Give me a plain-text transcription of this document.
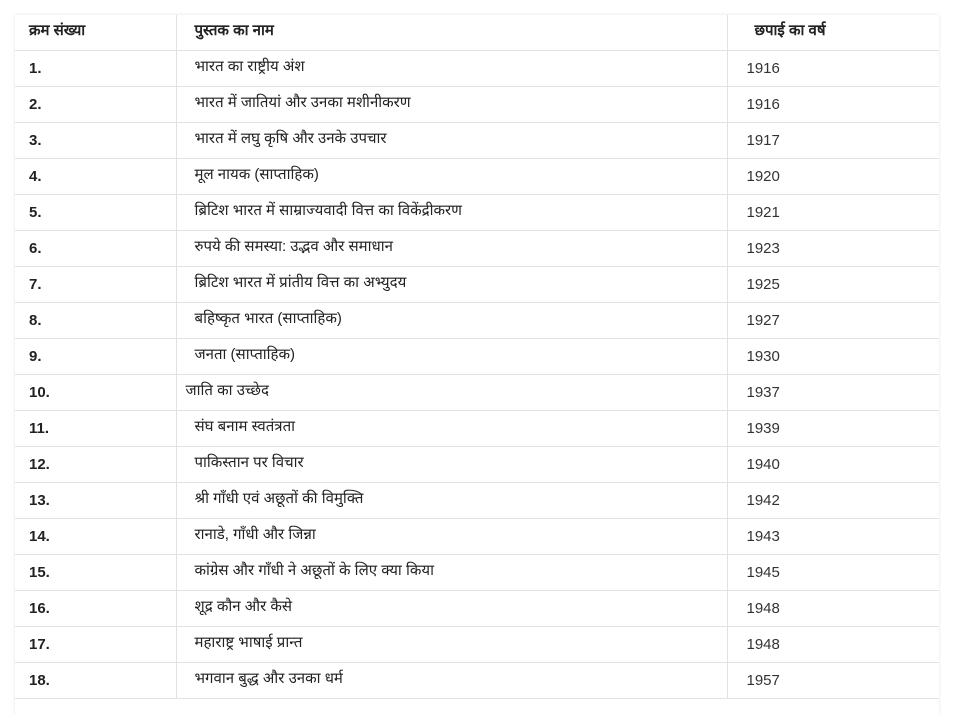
क्रम संख्या	पुस्तक का नाम	छपाई का वर्ष
1.	भारत का राष्ट्रीय अंश	1916
2.	भारत में जातियां और उनका मशीनीकरण	1916
3.	भारत में लघु कृषि और उनके उपचार	1917
4.	मूल नायक (साप्ताहिक)	1920
5.	ब्रिटिश भारत में साम्राज्यवादी वित्त का विकेंद्रीकरण	1921
6.	रुपये की समस्या: उद्भव और समाधान	1923
7.	ब्रिटिश भारत में प्रांतीय वित्त का अभ्युदय	1925
8.	बहिष्कृत भारत (साप्ताहिक)	1927
9.	जनता (साप्ताहिक)	1930
10.	जाति का उच्छेद	1937
11.	संघ बनाम स्वतंत्रता	1939
12.	पाकिस्तान पर विचार	1940
13.	श्री गाँधी एवं अछूतों की विमुक्ति	1942
14.	रानाडे, गाँधी और जिन्ना	1943
15.	कांग्रेस और गाँधी ने अछूतों के लिए क्या किया	1945
16.	शूद्र कौन और कैसे	1948
17.	महाराष्ट्र भाषाई प्रान्त	1948
18.	भगवान बुद्ध और उनका धर्म	1957
